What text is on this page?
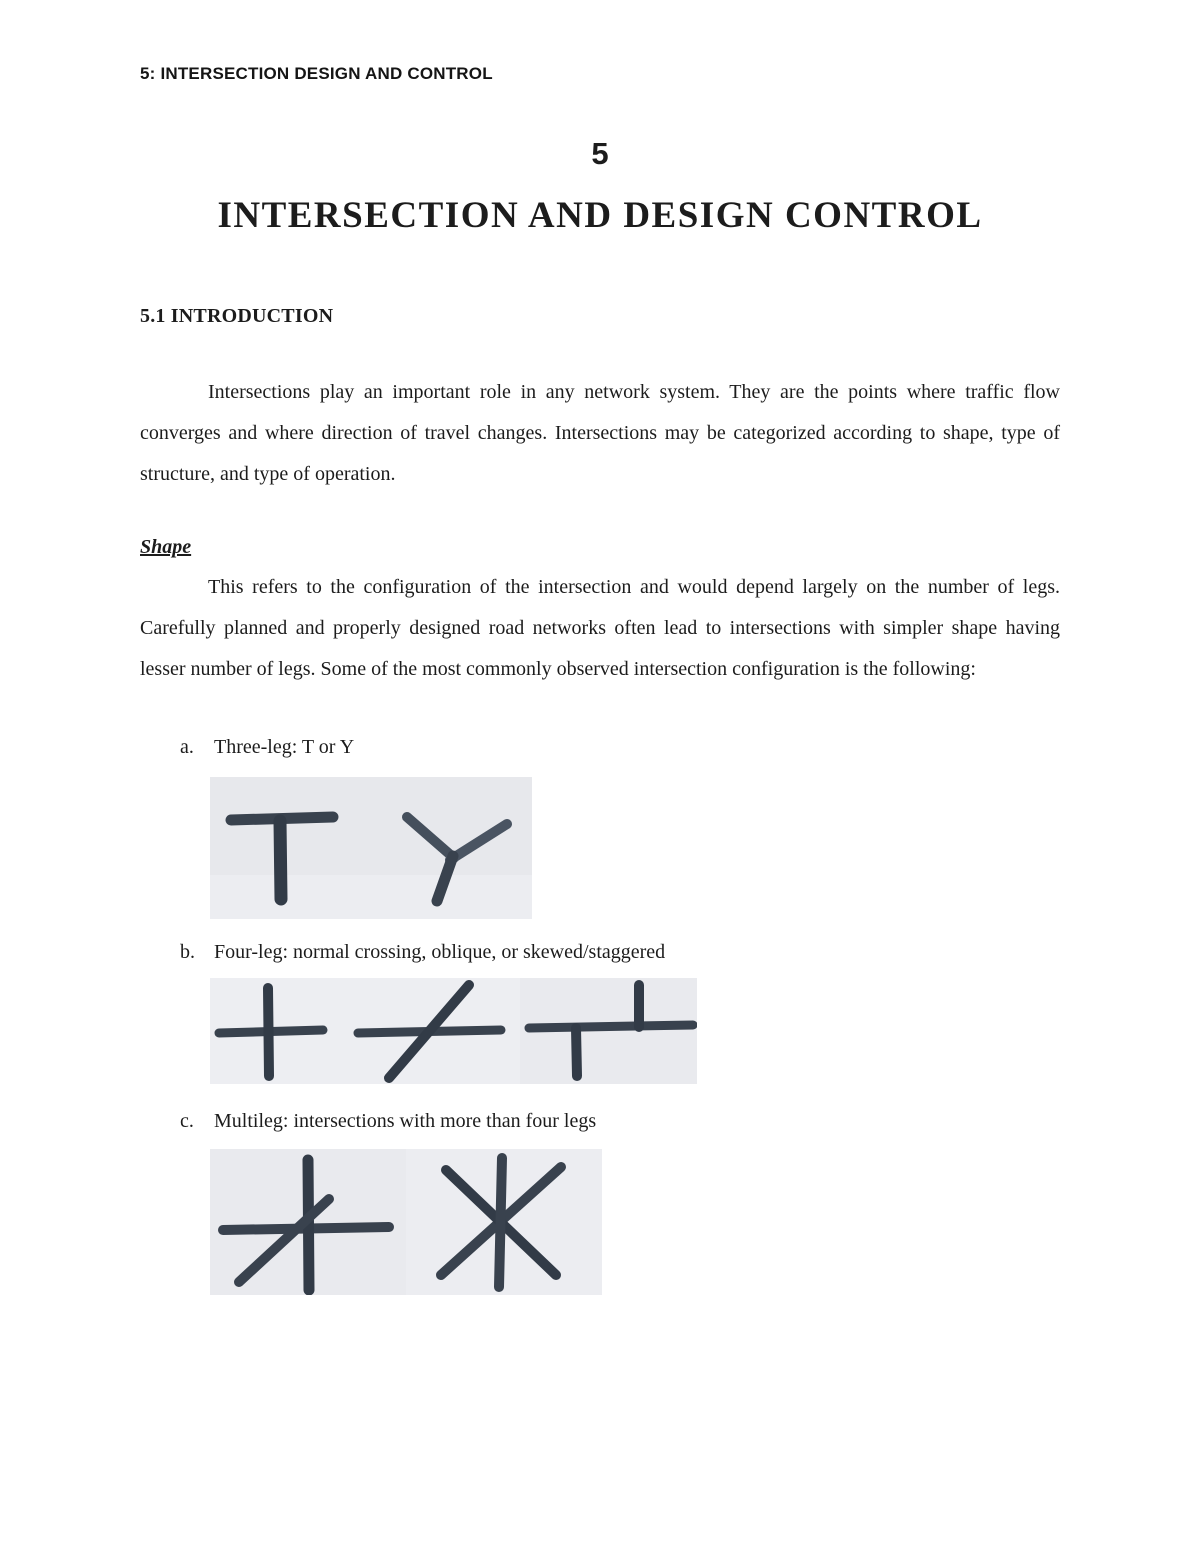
5: INTERSECTION DESIGN AND CONTROL
5
INTERSECTION AND DESIGN CONTROL
5.1 INTRODUCTION
Intersections play an important role in any network system. They are the points where traffic flow converges and where direction of travel changes. Intersections may be categorized according to shape, type of structure, and type of operation.
Shape
This refers to the configuration of the intersection and would depend largely on the number of legs. Carefully planned and properly designed road networks often lead to intersections with simpler shape having lesser number of legs. Some of the most commonly observed intersection configuration is the following:
a.	Three-leg: T or Y
b. Four-leg: normal crossing, oblique, or skewed/staggered
c.	Multileg: intersections with more than four legs
